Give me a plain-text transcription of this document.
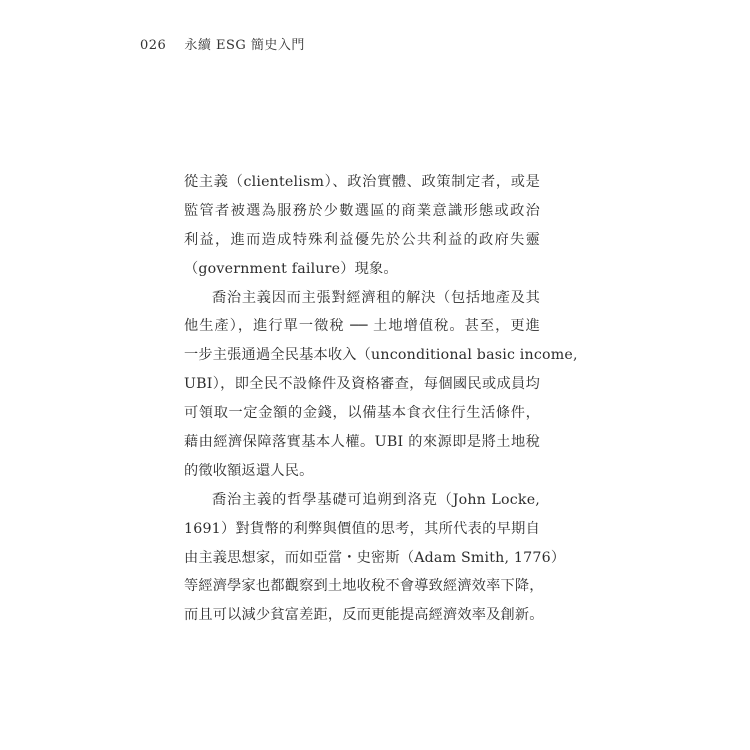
026 永續 ESG 簡史入門
從主義（clientelism）、政治實體、政策制定者，或是
監管者被選為服務於少數選區的商業意識形態或政治
利益，進而造成特殊利益優先於公共利益的政府失靈
（government failure）現象。
喬治主義因而主張對經濟租的解決（包括地產及其
他生產），進行單一徵稅 ── 土地增值稅。甚至，更進
一步主張通過全民基本收入（unconditional basic income,
UBI），即全民不設條件及資格審查，每個國民或成員均
可領取一定金額的金錢，以備基本食衣住行生活條件，
藉由經濟保障落實基本人權。UBI 的來源即是將土地稅
的徵收額返還人民。
喬治主義的哲學基礎可追朔到洛克（John Locke,
1691）對貨幣的利弊與價值的思考，其所代表的早期自
由主義思想家，而如亞當・史密斯（Adam Smith, 1776）
等經濟學家也都觀察到土地收稅不會導致經濟效率下降，
而且可以減少貧富差距，反而更能提高經濟效率及創新。
